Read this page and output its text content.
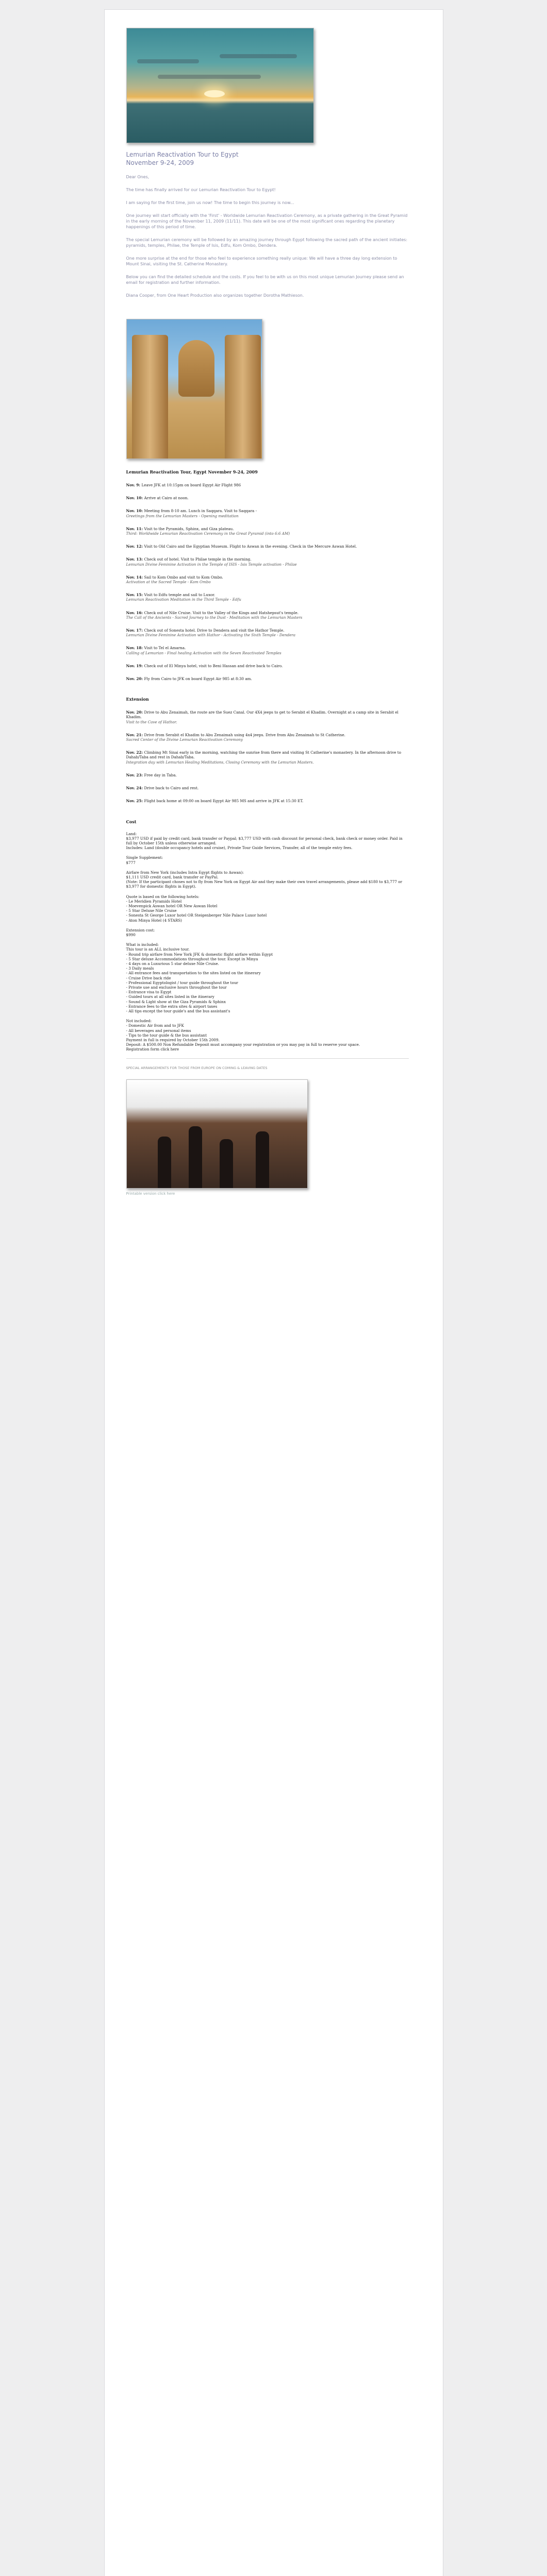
Lemurian Reactivation Tour to Egypt
November 9-24, 2009
Dear Ones,
The time has finally arrived for our Lemurian Reactivation Tour to Egypt!
I am saying for the first time, join us now! The time to begin this journey is now...
One journey will start officially with the 'First' - Worldwide Lemurian Reactivation Ceremony, as a private gathering in the Great Pyramid in the early morning of the November 11, 2009 (11/11). This date will be one of the most significant ones regarding the planetary happenings of this period of time.
The special Lemurian ceremony will be followed by an amazing journey through Egypt following the sacred path of the ancient initiates: pyramids, temples, Philae, the Temple of Isis, Edfu, Kom Ombo, Dendera.
One more surprise at the end for those who feel to experience something really unique: We will have a three day long extension to Mount Sinai, visiting the St. Catherine Monastery.
Below you can find the detailed schedule and the costs. If you feel to be with us on this most unique Lemurian Journey please send an email for registration and further information.
Diana Cooper, from One Heart Production also organizes together Dorotha Mathieson.
Lemurian Reactivation Tour, Egypt November 9-24, 2009
Nov. 9: Leave JFK at 10:15pm on board Egypt Air Flight 986
Nov. 10: Arrive at Cairo at noon.
Nov. 10: Meeting from 8-10 am. Lunch in Saqqara. Visit to Saqqara -
Greetings from the Lemurian Masters - Opening meditation
Nov. 11: Visit to the Pyramids, Sphinx, and Giza plateau.
Third: Worldwide Lemurian Reactivation Ceremony in the Great Pyramid (into 6:6 AM)
Nov. 12: Visit to Old Cairo and the Egyptian Museum. Flight to Aswan in the evening. Check in the Mercure Aswan Hotel.
Nov. 13: Check out of hotel. Visit to Philae temple in the morning.
Lemurian Divine Feminine Activation in the Temple of ISIS - Isis Temple activation - Philae
Nov. 14: Sail to Kom Ombo and visit to Kom Ombo.
Activation at the Sacred Temple - Kom Ombo
Nov. 15: Visit to Edfu temple and sail to Luxor.
Lemurian Reactivation Meditation in the Third Temple - Edfu
Nov. 16: Check out of Nile Cruise. Visit to the Valley of the Kings and Hatshepsut's temple.
The Call of the Ancients - Sacred Journey to the Dust - Meditation with the Lemurian Masters
Nov. 17: Check out of Sonesta hotel. Drive to Dendera and visit the Hathor Temple.
Lemurian Divine Feminine Activation with Hathor - Activating the Sixth Temple - Dendera
Nov. 18: Visit to Tel el Amarna.
Calling of Lemurian - Final healing Activation with the Seven Reactivated Temples
Nov. 19: Check out of El Minya hotel, visit to Beni Hassan and drive back to Cairo.
Nov. 20: Fly from Cairo to JFK on board Egypt Air 985 at 8:30 am.
Extension
Nov. 20: Drive to Abu Zenaimah, the route are the Suez Canal. Our 4X4 jeeps to get to Serabit el Khadim. Overnight at a camp site in Serabit el Khadim.
Visit to the Cave of Hathor.
Nov. 21: Drive from Serabit el Khadim to Abu Zenaimah using 4x4 jeeps. Drive from Abu Zenaimah to St Catherine.
Sacred Center of the Divine Lemurian Reactivation Ceremony
Nov. 22: Climbing Mt Sinai early in the morning, watching the sunrise from there and visiting St Catherine's monastery. In the afternoon drive to Dahab/Taba and rest in Dahab/Taba.
Integration day with Lemurian Healing Meditations, Closing Ceremony with the Lemurian Masters.
Nov. 23: Free day in Taba.
Nov. 24: Drive back to Cairo and rest.
Nov. 25: Flight back home at 09:00 on board Egypt Air 985 MS and arrive in JFK at 15:30 ET.
Cost
Land:
$3,977 USD if paid by credit card, bank transfer or Paypal; $3,777 USD with cash discount for personal check, bank check or money order. Paid in full by October 15th unless otherwise arranged.
Includes: Land (double occupancy hotels and cruise), Private Tour Guide Services, Transfer, all of the temple entry fees.
Single Supplement:
$777
Airfare from New York (includes Intra Egypt flights to Aswan):
$1,111 USD credit card, bank transfer or PayPal.
(Note: If the participant choses not to fly from New York on Egypt Air and they make their own travel arrangements, please add $180 to $3,777 or $3,977 for domestic flights in Egypt).
Quote is based on the following hotels:
- Le Meridien Pyramids Hotel
- Moevenpick Aswan hotel OR New Aswan Hotel
- 5 Star Deluxe Nile Cruise
- Sonesta St George Luxor hotel OR Steigenberger Nile Palace Luxor hotel
- Aton Minya Hotel (4 STARS)
Extension cost:
$990
What is included:
This tour is an ALL inclusive tour.
- Round trip airfare from New York JFK & domestic flight airfare within Egypt
- 5 Star deluxe Accommodations throughout the tour. Except in Minya
- 4 days on a Luxurious 5 star deluxe Nile Cruise.
- 3 Daily meals
- All entrance fees and transportation to the sites listed on the itinerary
- Cruise Drive back ride
- Professional Egyptologist / tour guide throughout the tour
- Private use and exclusive hours throughout the tour
- Entrance visa to Egypt
- Guided tours at all sites listed in the itinerary
- Sound & Light show at the Giza Pyramids & Sphinx
- Entrance fees to the extra sites & airport taxes
- All tips except the tour guide's and the bus assistant's
Not included:
- Domestic Air from and to JFK
- All beverages and personal items
- Tips to the tour guide & the bus assistant
Payment in full is required by October 15th 2009.
Deposit: A $500.00 Non Refundable Deposit must accompany your registration or you may pay in full to reserve your space.
Registration form click here
SPECIAL ARRANGEMENTS FOR THOSE FROM EUROPE ON COMING & LEAVING DATES
Printable version click here
